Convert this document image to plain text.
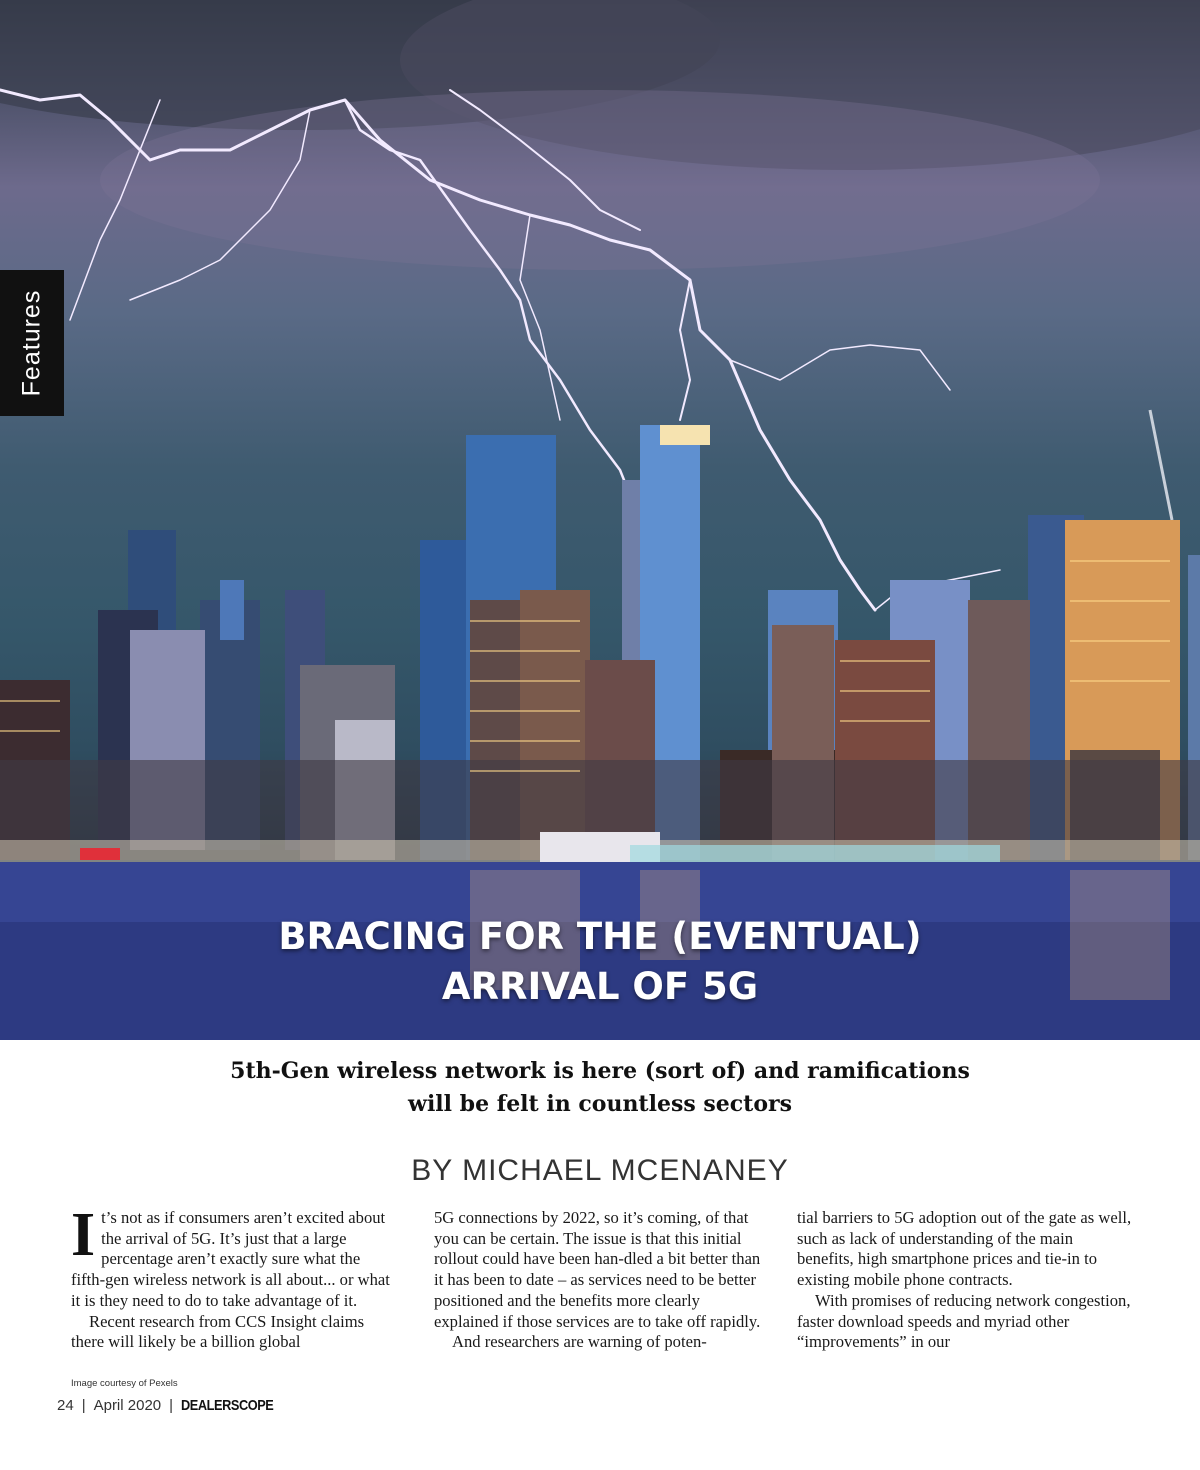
Features
BRACING FOR THE (EVENTUAL)
ARRIVAL OF 5G
5th-Gen wireless network is here (sort of) and ramifications
will be felt in countless sectors
BY MICHAEL MCENANEY

It’s not as if consumers aren’t excited about the arrival of 5G. It’s just that a large percentage aren’t exactly sure what the fifth-gen wireless network is all about... or what it is they need to do to take advantage of it.

Recent research from CCS Insight claims there will likely be a billion global

5G connections by 2022, so it’s coming, of that you can be certain. The issue is that this initial rollout could have been han-dled a bit better than it has been to date – as services need to be better positioned and the benefits more clearly explained if those services are to take off rapidly.

And researchers are warning of poten-

tial barriers to 5G adoption out of the gate as well, such as lack of understanding of the main benefits, high smartphone prices and tie-in to existing mobile phone contracts.

With promises of reducing network congestion, faster download speeds and myriad other “improvements” in our

Image courtesy of Pexels
24 | April 2020 | DEALERSCOPE
